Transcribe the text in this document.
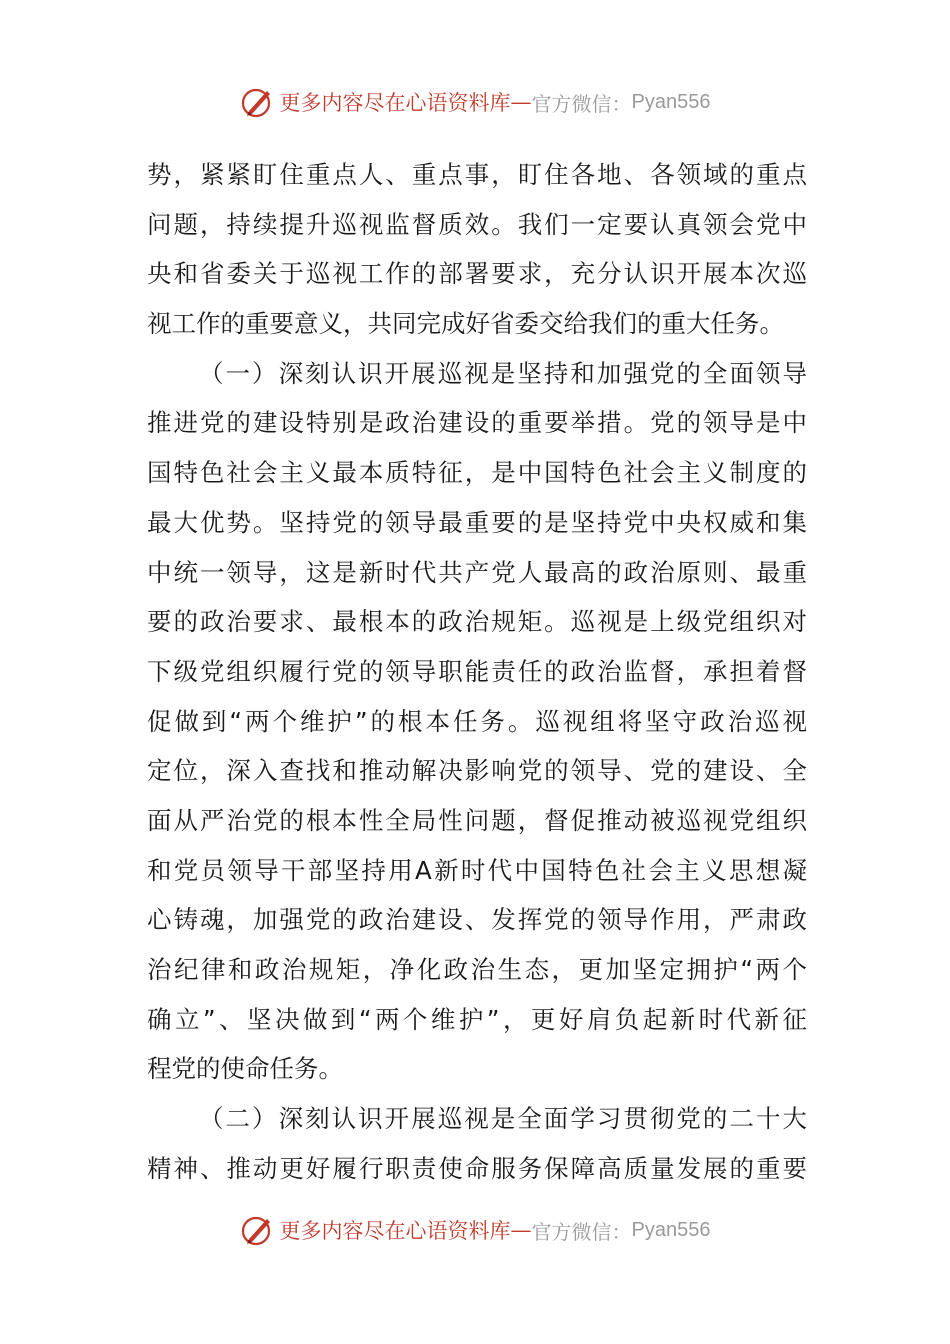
更多内容尽在心语资料库 — 官方微信： Pyan556
势，紧紧盯住重点人、重点事，盯住各地、各领域的重点
问题，持续提升巡视监督质效。我们一定要认真领会党中
央和省委关于巡视工作的部署要求，充分认识开展本次巡
视工作的重要意义，共同完成好省委交给我们的重大任务。
（一）深刻认识开展巡视是坚持和加强党的全面领导
推进党的建设特别是政治建设的重要举措。党的领导是中
国特色社会主义最本质特征，是中国特色社会主义制度的
最大优势。坚持党的领导最重要的是坚持党中央权威和集
中统一领导，这是新时代共产党人最高的政治原则、最重
要的政治要求、最根本的政治规矩。巡视是上级党组织对
下级党组织履行党的领导职能责任的政治监督，承担着督
促做到“两个维护”的根本任务。巡视组将坚守政治巡视
定位，深入查找和推动解决影响党的领导、党的建设、全
面从严治党的根本性全局性问题，督促推动被巡视党组织
和党员领导干部坚持用A新时代中国特色社会主义思想凝
心铸魂，加强党的政治建设、发挥党的领导作用，严肃政
治纪律和政治规矩，净化政治生态，更加坚定拥护“两个
确立”、坚决做到“两个维护”，更好肩负起新时代新征
程党的使命任务。
（二）深刻认识开展巡视是全面学习贯彻党的二十大
精神、推动更好履行职责使命服务保障高质量发展的重要
更多内容尽在心语资料库 — 官方微信： Pyan556
